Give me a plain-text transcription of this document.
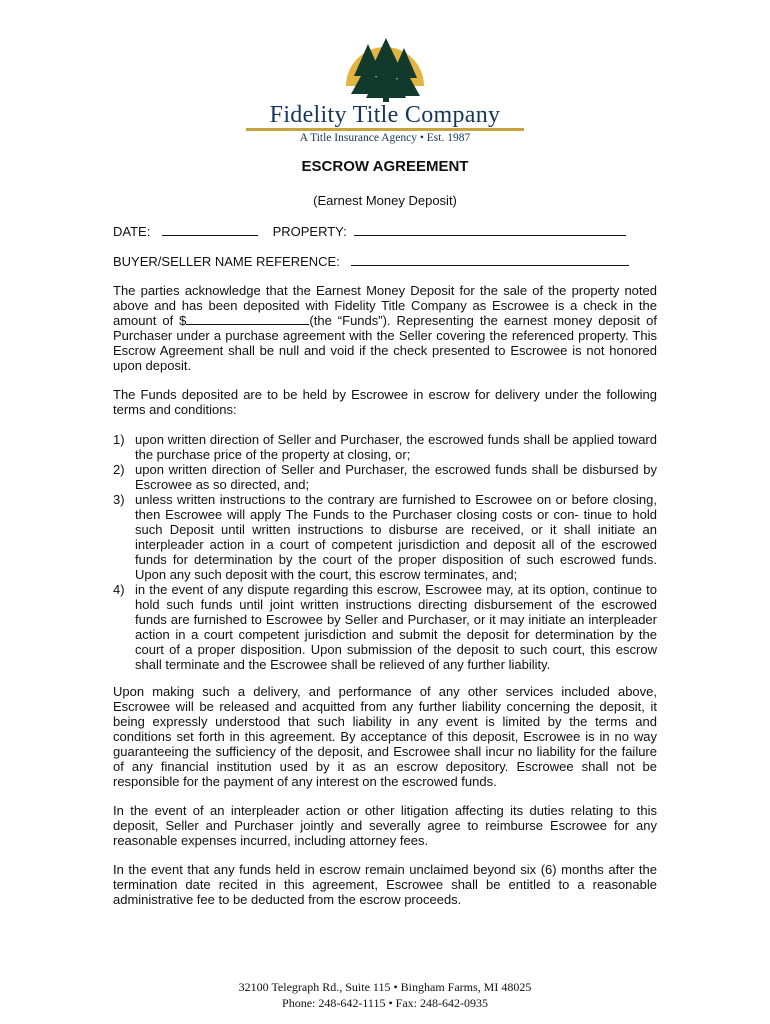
Fidelity Title Company
A Title Insurance Agency • Est. 1987
ESCROW AGREEMENT
(Earnest Money Deposit)
DATE:	PROPERTY:
BUYER/SELLER NAME REFERENCE:

The parties acknowledge that the Earnest Money Deposit for the sale of the property noted above and has been deposited with Fidelity Title Company as Escrowee is a check in the amount of $	(the “Funds”). Representing the earnest money deposit of Purchaser under a purchase agreement with the Seller covering the referenced property. This Escrow Agreement shall be null and void if the check presented to Escrowee is not honored upon deposit.

The Funds deposited are to be held by Escrowee in escrow for delivery under the following terms and conditions:

1) upon written direction of Seller and Purchaser, the escrowed funds shall be applied toward the purchase price of the property at closing, or;
2) upon written direction of Seller and Purchaser, the escrowed funds shall be disbursed by Escrowee as so directed, and;
3) unless written instructions to the contrary are furnished to Escrowee on or before closing, then Escrowee will apply The Funds to the Purchaser closing costs or con- tinue to hold such Deposit until written instructions to disburse are received, or it shall initiate an interpleader action in a court of competent jurisdiction and deposit all of the escrowed funds for determination by the court of the proper disposition of such escrowed funds. Upon any such deposit with the court, this escrow terminates, and;
4) in the event of any dispute regarding this escrow, Escrowee may, at its option, continue to hold such funds until joint written instructions directing disbursement of the escrowed funds are furnished to Escrowee by Seller and Purchaser, or it may initiate an interpleader action in a court competent jurisdiction and submit the deposit for determination by the court of a proper disposition. Upon submission of the deposit to such court, this escrow shall terminate and the Escrowee shall be relieved of any further liability.

Upon making such a delivery, and performance of any other services included above, Escrowee will be released and acquitted from any further liability concerning the deposit, it being expressly understood that such liability in any event is limited by the terms and conditions set forth in this agreement. By acceptance of this deposit, Escrowee is in no way guaranteeing the sufficiency of the deposit, and Escrowee shall incur no liability for the failure of any financial institution used by it as an escrow depository. Escrowee shall not be responsible for the payment of any interest on the escrowed funds.

In the event of an interpleader action or other litigation affecting its duties relating to this deposit, Seller and Purchaser jointly and severally agree to reimburse Escrowee for any reasonable expenses incurred, including attorney fees.

In the event that any funds held in escrow remain unclaimed beyond six (6) months after the termination date recited in this agreement, Escrowee shall be entitled to a reasonable administrative fee to be deducted from the escrow proceeds.

32100 Telegraph Rd., Suite 115 • Bingham Farms, MI 48025
Phone: 248-642-1115 • Fax: 248-642-0935
